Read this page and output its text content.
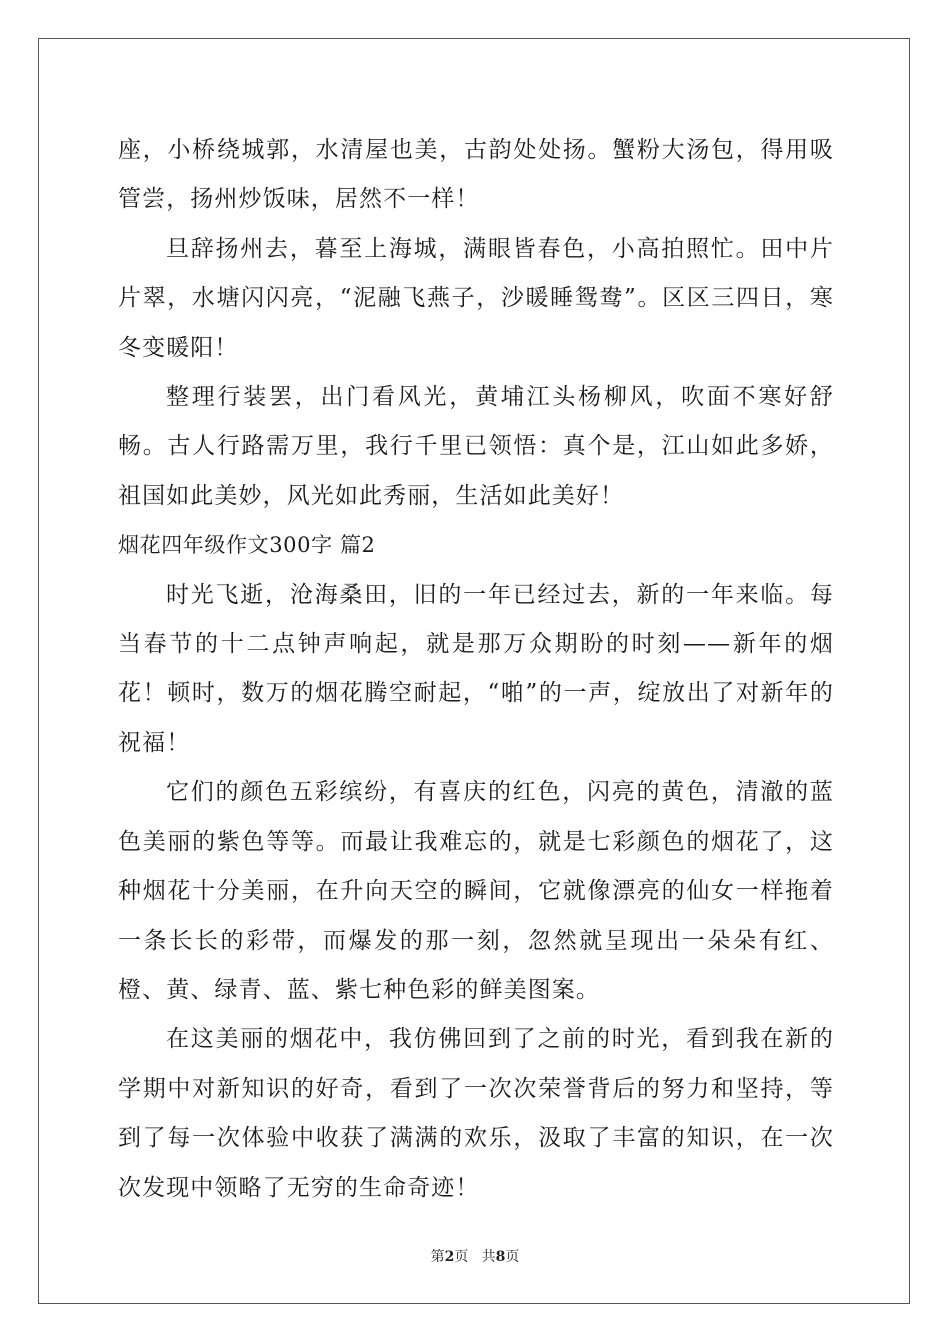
座，小桥绕城郭，水清屋也美，古韵处处扬。蟹粉大汤包，得用吸管尝，扬州炒饭味，居然不一样！

旦辞扬州去，暮至上海城，满眼皆春色，小高拍照忙。田中片片翠，水塘闪闪亮，“泥融飞燕子，沙暖睡鸳鸯”。区区三四日，寒冬变暖阳！

整理行装罢，出门看风光，黄埔江头杨柳风，吹面不寒好舒畅。古人行路需万里，我行千里已领悟：真个是，江山如此多娇，祖国如此美妙，风光如此秀丽，生活如此美好！

烟花四年级作文300字 篇2

时光飞逝，沧海桑田，旧的一年已经过去，新的一年来临。每当春节的十二点钟声响起，就是那万众期盼的时刻——新年的烟花！顿时，数万的烟花腾空耐起，“啪”的一声，绽放出了对新年的祝福！

它们的颜色五彩缤纷，有喜庆的红色，闪亮的黄色，清澈的蓝色美丽的紫色等等。而最让我难忘的，就是七彩颜色的烟花了，这种烟花十分美丽，在升向天空的瞬间，它就像漂亮的仙女一样拖着一条长长的彩带，而爆发的那一刻，忽然就呈现出一朵朵有红、橙、黄、绿青、蓝、紫七种色彩的鲜美图案。

在这美丽的烟花中，我仿佛回到了之前的时光，看到我在新的学期中对新知识的好奇，看到了一次次荣誉背后的努力和坚持，等到了每一次体验中收获了满满的欢乐，汲取了丰富的知识，在一次次发现中领略了无穷的生命奇迹！

第2页   共8页
